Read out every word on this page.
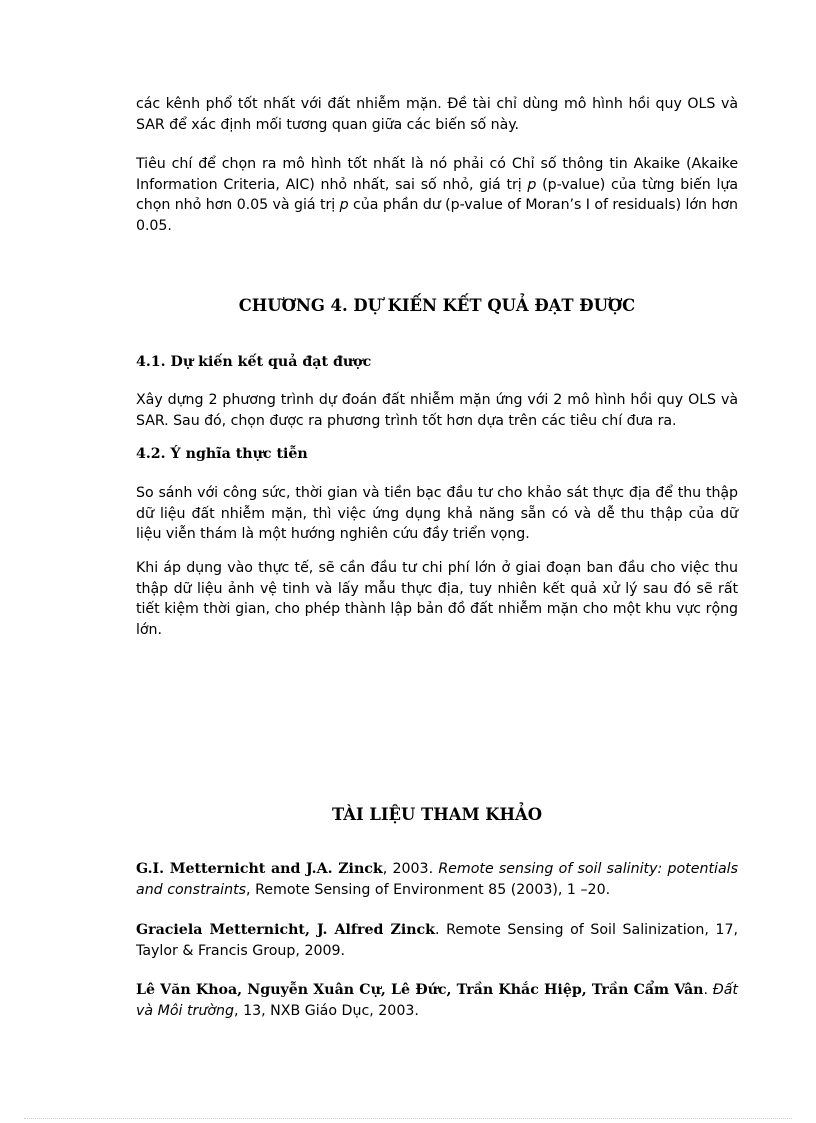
các kênh phổ tốt nhất với đất nhiễm mặn. Đề tài chỉ dùng mô hình hồi quy OLS và SAR để xác định mối tương quan giữa các biến số này.

Tiêu chí để chọn ra mô hình tốt nhất là nó phải có Chỉ số thông tin Akaike (Akaike Information Criteria, AIC) nhỏ nhất, sai số nhỏ, giá trị p (p-value) của từng biến lựa chọn nhỏ hơn 0.05 và giá trị p của phần dư (p-value of Moran’s I of residuals) lớn hơn 0.05.

CHƯƠNG 4. DỰ KIẾN KẾT QUẢ ĐẠT ĐƯỢC
4.1. Dự kiến kết quả đạt được

Xây dựng 2 phương trình dự đoán đất nhiễm mặn ứng với 2 mô hình hồi quy OLS và SAR. Sau đó, chọn được ra phương trình tốt hơn dựa trên các tiêu chí đưa ra.

4.2. Ý nghĩa thực tiễn

So sánh với công sức, thời gian và tiền bạc đầu tư cho khảo sát thực địa để thu thập dữ liệu đất nhiễm mặn, thì việc ứng dụng khả năng sẵn có và dễ thu thập của dữ liệu viễn thám là một hướng nghiên cứu đầy triển vọng.

Khi áp dụng vào thực tế, sẽ cần đầu tư chi phí lớn ở giai đoạn ban đầu cho việc thu thập dữ liệu ảnh vệ tinh và lấy mẫu thực địa, tuy nhiên kết quả xử lý sau đó sẽ rất tiết kiệm thời gian, cho phép thành lập bản đồ đất nhiễm mặn cho một khu vực rộng lớn.

TÀI LIỆU THAM KHẢO

G.I. Metternicht and J.A. Zinck, 2003. Remote sensing of soil salinity: potentials and constraints, Remote Sensing of Environment 85 (2003), 1 –20.

Graciela Metternicht, J. Alfred Zinck. Remote Sensing of Soil Salinization, 17, Taylor & Francis Group, 2009.

Lê Văn Khoa, Nguyễn Xuân Cự, Lê Đức, Trần Khắc Hiệp, Trần Cẩm Vân. Đất và Môi trường, 13, NXB Giáo Dục, 2003.
